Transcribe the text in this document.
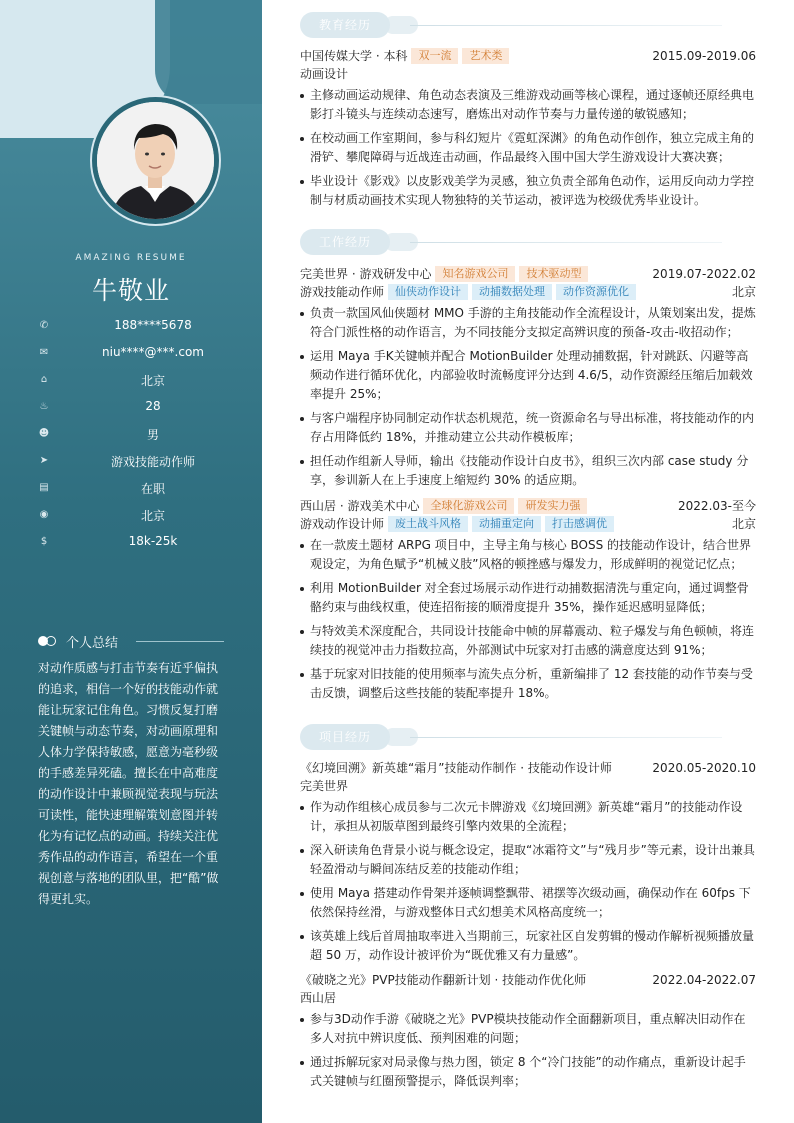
AMAZING RESUME
牛敬业
✆	188****5678
✉	niu****@***.com
⌂	北京
♨	28
☻	男
➤	游戏技能动作师
▤	在职
◉	北京
$	18k-25k
个人总结
对动作质感与打击节奏有近乎偏执的追求，相信一个好的技能动作就能让玩家记住角色。习惯反复打磨关键帧与动态节奏，对动画原理和人体力学保持敏感，愿意为毫秒级的手感差异死磕。擅长在中高难度的动作设计中兼顾视觉表现与玩法可读性，能快速理解策划意图并转化为有记忆点的动画。持续关注优秀作品的动作语言，希望在一个重视创意与落地的团队里，把“酷”做得更扎实。
教育经历
中国传媒大学 · 本科 双一流 艺术类	2015.09-2019.06
动画设计
主修动画运动规律、角色动态表演及三维游戏动画等核心课程，通过逐帧还原经典电影打斗镜头与连续动态速写，磨炼出对动作节奏与力量传递的敏锐感知；
在校动画工作室期间，参与科幻短片《霓虹深渊》的角色动作创作，独立完成主角的滑铲、攀爬障碍与近战连击动画，作品最终入围中国大学生游戏设计大赛决赛；
毕业设计《影戏》以皮影戏美学为灵感，独立负责全部角色动作，运用反向动力学控制与材质动画技术实现人物独特的关节运动，被评选为校级优秀毕业设计。
工作经历
完美世界 · 游戏研发中心 知名游戏公司 技术驱动型	2019.07-2022.02
游戏技能动作师 仙侠动作设计 动捕数据处理 动作资源优化	北京
负责一款国风仙侠题材 MMO 手游的主角技能动作全流程设计，从策划案出发，提炼符合门派性格的动作语言，为不同技能分支拟定高辨识度的预备-攻击-收招动作；
运用 Maya 手K关键帧并配合 MotionBuilder 处理动捕数据，针对跳跃、闪避等高频动作进行循环优化，内部验收时流畅度评分达到 4.6/5，动作资源经压缩后加载效率提升 25%；
与客户端程序协同制定动作状态机规范，统一资源命名与导出标准，将技能动作的内存占用降低约 18%，并推动建立公共动作模板库；
担任动作组新人导师，输出《技能动作设计白皮书》，组织三次内部 case study 分享，参训新人在上手速度上缩短约 30% 的适应期。
西山居 · 游戏美术中心 全球化游戏公司 研发实力强	2022.03-至今
游戏动作设计师 废土战斗风格 动捕重定向 打击感调优	北京
在一款废土题材 ARPG 项目中，主导主角与核心 BOSS 的技能动作设计，结合世界观设定，为角色赋予“机械义肢”风格的顿挫感与爆发力，形成鲜明的视觉记忆点；
利用 MotionBuilder 对全套过场展示动作进行动捕数据清洗与重定向，通过调整骨骼约束与曲线权重，使连招衔接的顺滑度提升 35%，操作延迟感明显降低；
与特效美术深度配合，共同设计技能命中帧的屏幕震动、粒子爆发与角色顿帧，将连续技的视觉冲击力指数拉高，外部测试中玩家对打击感的满意度达到 91%；
基于玩家对旧技能的使用频率与流失点分析，重新编排了 12 套技能的动作节奏与受击反馈，调整后这些技能的装配率提升 18%。
项目经历
《幻境回溯》新英雄“霜月”技能动作制作 · 技能动作设计师	2020.05-2020.10
完美世界
作为动作组核心成员参与二次元卡牌游戏《幻境回溯》新英雄“霜月”的技能动作设计，承担从初版草图到最终引擎内效果的全流程；
深入研读角色背景小说与概念设定，提取“冰霜符文”与“残月步”等元素，设计出兼具轻盈滑动与瞬间冻结反差的技能动作组；
使用 Maya 搭建动作骨架并逐帧调整飘带、裙摆等次级动画，确保动作在 60fps 下依然保持丝滑，与游戏整体日式幻想美术风格高度统一；
该英雄上线后首周抽取率进入当期前三，玩家社区自发剪辑的慢动作解析视频播放量超 50 万，动作设计被评价为“既优雅又有力量感”。
《破晓之光》PVP技能动作翻新计划 · 技能动作优化师	2022.04-2022.07
西山居
参与3D动作手游《破晓之光》PVP模块技能动作全面翻新项目，重点解决旧动作在多人对抗中辨识度低、预判困难的问题；
通过拆解玩家对局录像与热力图，锁定 8 个“冷门技能”的动作痛点，重新设计起手式关键帧与红圈预警提示，降低误判率；
